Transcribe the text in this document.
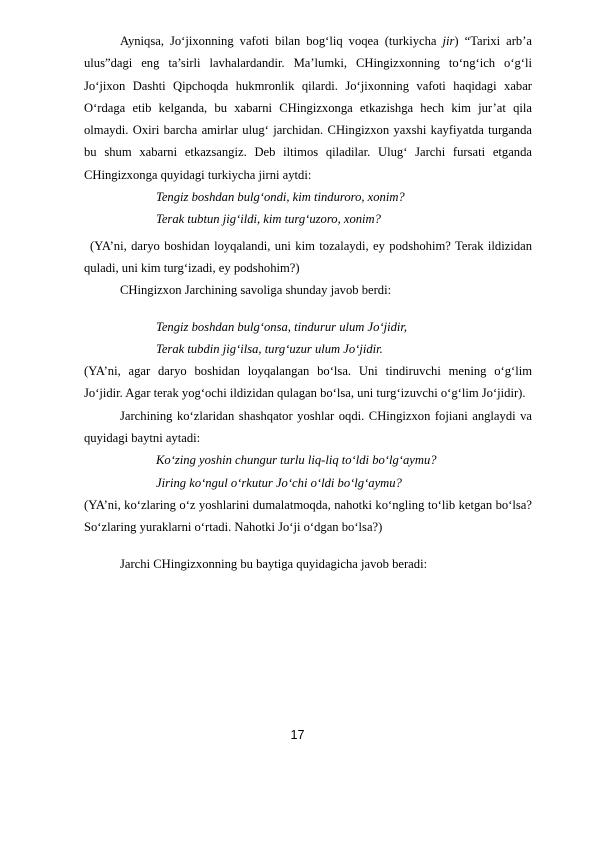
Ayniqsa, Jo‘jixonning vafoti bilan bog‘liq voqea (turkiycha jir) “Tarixi arb’a ulus”dagi eng ta’sirli lavhalardandir. Ma’lumki, CHingizxonning to‘ng‘ich o‘g‘li Jo‘jixon Dashti Qipchoqda hukmronlik qilardi. Jo‘jixonning vafoti haqidagi xabar O‘rdaga etib kelganda, bu xabarni CHingizxonga etkazishga hech kim jur’at qila olmaydi. Oxiri barcha amirlar ulug‘ jarchidan. CHingizxon yaxshi kayfiyatda turganda bu shum xabarni etkazsangiz. Deb iltimos qiladilar. Ulug‘ Jarchi fursati etganda CHingizxonga quyidagi turkiycha jirni aytdi:

Tengiz boshdan bulg‘ondi, kim tinduroro, xonim?

Terak tubtun jig‘ildi, kim turg‘uzoro, xonim?

(YA’ni, daryo boshidan loyqalandi, uni kim tozalaydi, ey podshohim? Terak ildizidan quladi, uni kim turg‘izadi, ey podshohim?)

CHingizxon Jarchining savoliga shunday javob berdi:

Tengiz boshdan bulg‘onsa, tindurur ulum Jo‘jidir,

Terak tubdin jig‘ilsa, turg‘uzur ulum Jo‘jidir.

(YA’ni, agar daryo boshidan loyqalangan bo‘lsa. Uni tindiruvchi mening o‘g‘lim Jo‘jidir. Agar terak yog‘ochi ildizidan qulagan bo‘lsa, uni turg‘izuvchi o‘g‘lim Jo‘jidir).

Jarchining ko‘zlaridan shashqator yoshlar oqdi. CHingizxon fojiani anglaydi va quyidagi baytni aytadi:

Ko‘zing yoshin chungur turlu liq-liq to‘ldi bo‘lg‘aymu?

Jiring ko‘ngul o‘rkutur Jo‘chi o‘ldi bo‘lg‘aymu?

(YA’ni, ko‘zlaring o‘z yoshlarini dumalatmoqda, nahotki ko‘ngling to‘lib ketgan bo‘lsa? So‘zlaring yuraklarni o‘rtadi. Nahotki Jo‘ji o‘dgan bo‘lsa?)

Jarchi CHingizxonning bu baytiga quyidagicha javob beradi:

17
